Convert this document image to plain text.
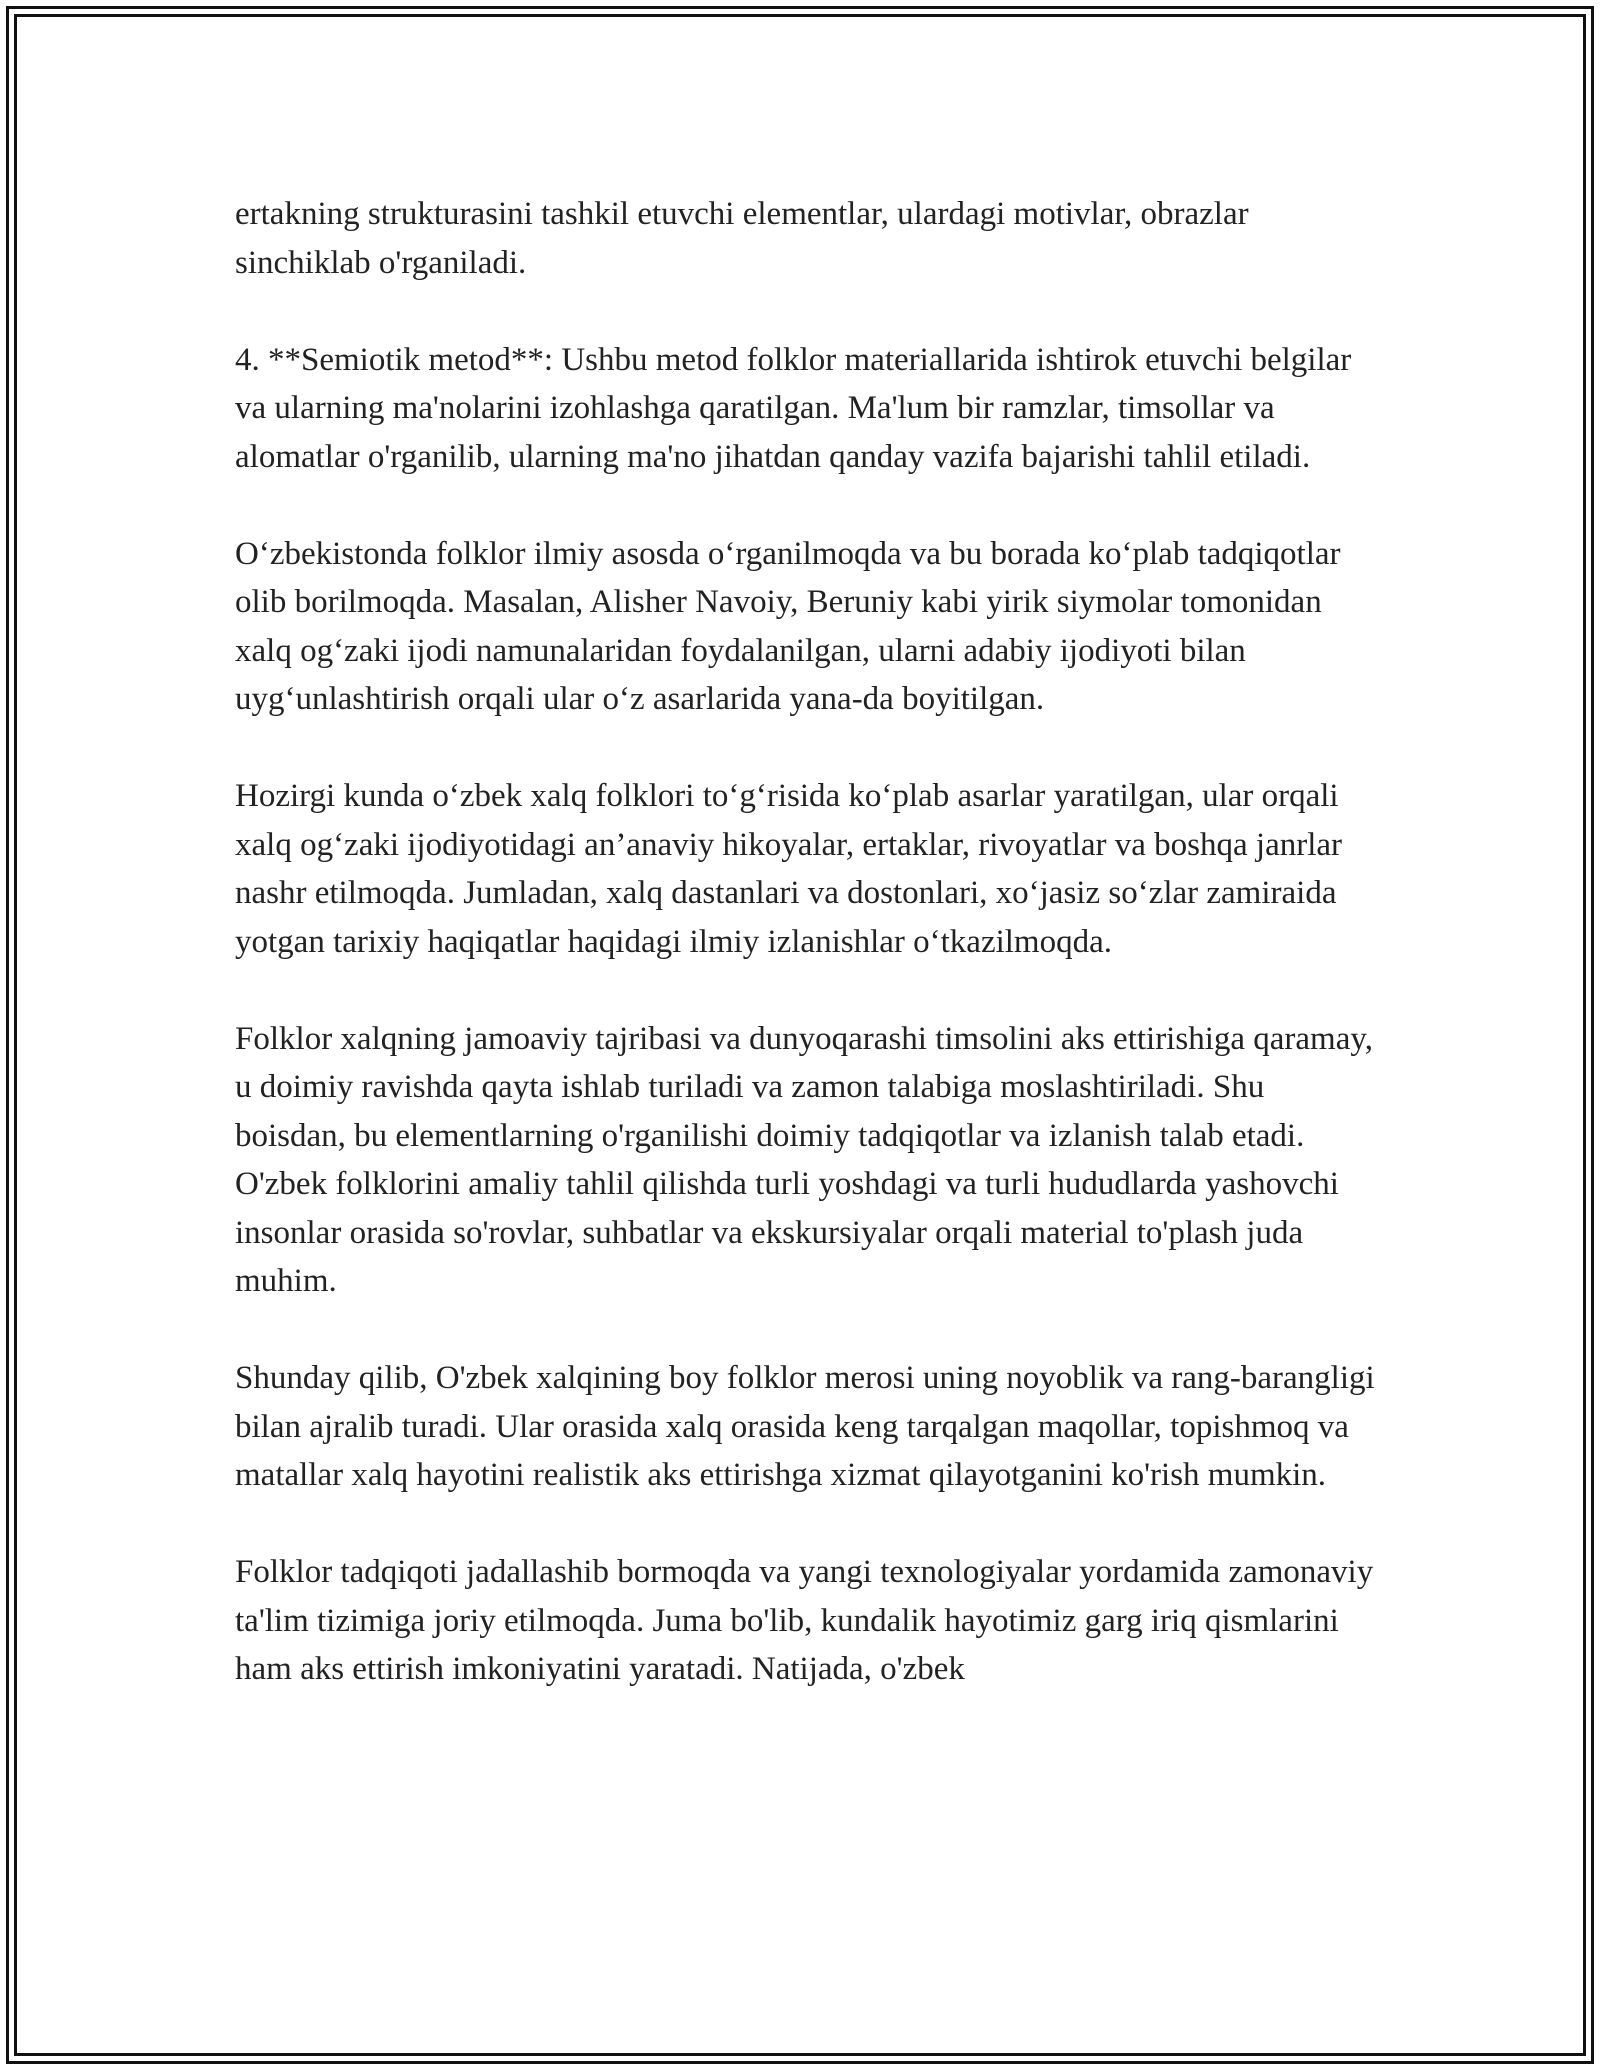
ertakning strukturasini tashkil etuvchi elementlar, ulardagi motivlar, obrazlar sinchiklab o'rganiladi.

4. **Semiotik metod**: Ushbu metod folklor materiallarida ishtirok etuvchi belgilar va ularning ma'nolarini izohlashga qaratilgan. Ma'lum bir ramzlar, timsollar va alomatlar o'rganilib, ularning ma'no jihatdan qanday vazifa bajarishi tahlil etiladi.

O‘zbekistonda folklor ilmiy asosda o‘rganilmoqda va bu borada ko‘plab tadqiqotlar olib borilmoqda. Masalan, Alisher Navoiy, Beruniy kabi yirik siymolar tomonidan xalq og‘zaki ijodi namunalaridan foydalanilgan, ularni adabiy ijodiyoti bilan uyg‘unlashtirish orqali ular o‘z asarlarida yana-da boyitilgan.

Hozirgi kunda o‘zbek xalq folklori to‘g‘risida ko‘plab asarlar yaratilgan, ular orqali xalq og‘zaki ijodiyotidagi an’anaviy hikoyalar, ertaklar, rivoyatlar va boshqa janrlar nashr etilmoqda. Jumladan, xalq dastanlari va dostonlari, xo‘jasiz so‘zlar zamiraida yotgan tarixiy haqiqatlar haqidagi ilmiy izlanishlar o‘tkazilmoqda.

Folklor xalqning jamoaviy tajribasi va dunyoqarashi timsolini aks ettirishiga qaramay, u doimiy ravishda qayta ishlab turiladi va zamon talabiga moslashtiriladi. Shu boisdan, bu elementlarning o'rganilishi doimiy tadqiqotlar va izlanish talab etadi. O'zbek folklorini amaliy tahlil qilishda turli yoshdagi va turli hududlarda yashovchi insonlar orasida so'rovlar, suhbatlar va ekskursiyalar orqali material to'plash juda muhim.

Shunday qilib, O'zbek xalqining boy folklor merosi uning noyoblik va rang-barangligi bilan ajralib turadi. Ular orasida xalq orasida keng tarqalgan maqollar, topishmoq va matallar xalq hayotini realistik aks ettirishga xizmat qilayotganini ko'rish mumkin.

Folklor tadqiqoti jadallashib bormoqda va yangi texnologiyalar yordamida zamonaviy ta'lim tizimiga joriy etilmoqda. Juma bo'lib, kundalik hayotimiz garg iriq qismlarini ham aks ettirish imkoniyatini yaratadi. Natijada, o'zbek
